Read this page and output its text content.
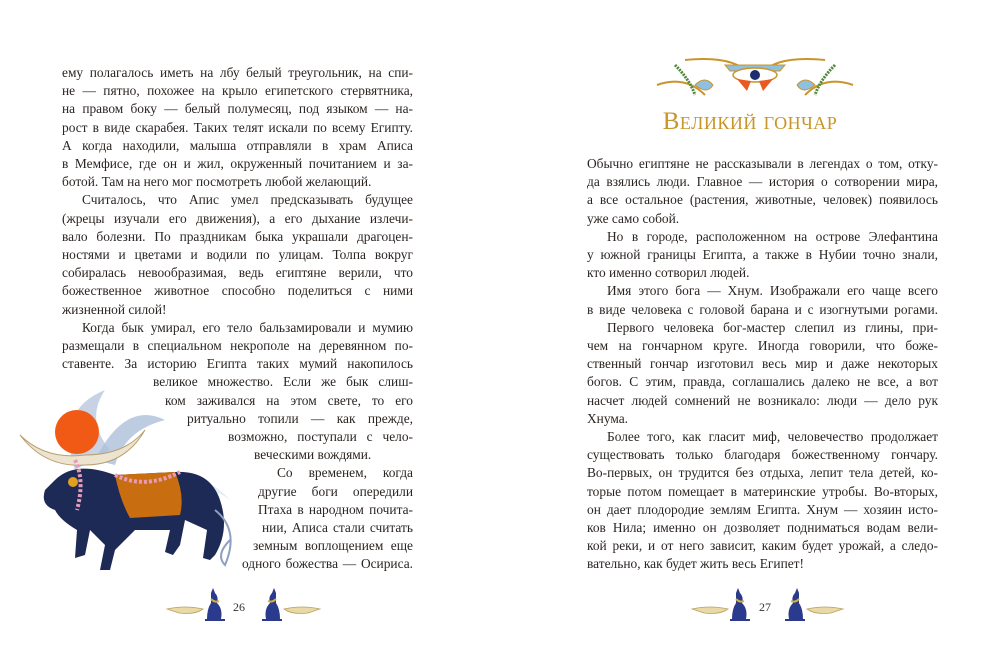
ему полагалось иметь на лбу белый треугольник, на спи-
не — пятно, похожее на крыло египетского стервятника,
на правом боку — белый полумесяц, под языком — на-
рост в виде скарабея. Таких телят искали по всему Египту.
А когда находили, малыша отправляли в храм Аписа
в Мемфисе, где он и жил, окруженный почитанием и за-
ботой. Там на него мог посмотреть любой желающий.
Считалось, что Апис умел предсказывать будущее
(жрецы изучали его движения), а его дыхание излечи-
вало болезни. По праздникам быка украшали драгоцен-
ностями и цветами и водили по улицам. Толпа вокруг
собиралась невообразимая, ведь египтяне верили, что
божественное животное способно поделиться с ними
жизненной силой!
Когда бык умирал, его тело бальзамировали и мумию
размещали в специальном некрополе на деревянном по-
ставенте. За историю Египта таких мумий накопилось
великое множество. Если же бык слиш-
ком заживался на этом свете, то его
ритуально топили — как прежде,
возможно, поступали с чело-
веческими вождями.
Со временем, когда
другие боги опередили
Птаха в народном почита-
нии, Аписа стали считать
земным воплощением еще
одного божества — Осириса.
26
Обычно египтяне не рассказывали в легендах о том, отку-
да взялись люди. Главное — история о сотворении мира,
а все остальное (растения, животные, человек) появилось
уже само собой.
Но в городе, расположенном на острове Элефантина
у южной границы Египта, а также в Нубии точно знали,
кто именно сотворил людей.
Имя этого бога — Хнум. Изображали его чаще всего
в виде человека с головой барана и с изогнутыми рогами.
Первого человека бог-мастер слепил из глины, при-
чем на гончарном круге. Иногда говорили, что боже-
ственный гончар изготовил весь мир и даже некоторых
богов. С этим, правда, соглашались далеко не все, а вот
насчет людей сомнений не возникало: люди — дело рук
Хнума.
Более того, как гласит миф, человечество продолжает
существовать только благодаря божественному гончару.
Во-первых, он трудится без отдыха, лепит тела детей, ко-
торые потом помещает в материнские утробы. Во-вторых,
он дает плодородие землям Египта. Хнум — хозяин исто-
ков Нила; именно он дозволяет подниматься водам вели-
кой реки, и от него зависит, каким будет урожай, а следо-
вательно, как будет жить весь Египет!
27
Великий гончар
